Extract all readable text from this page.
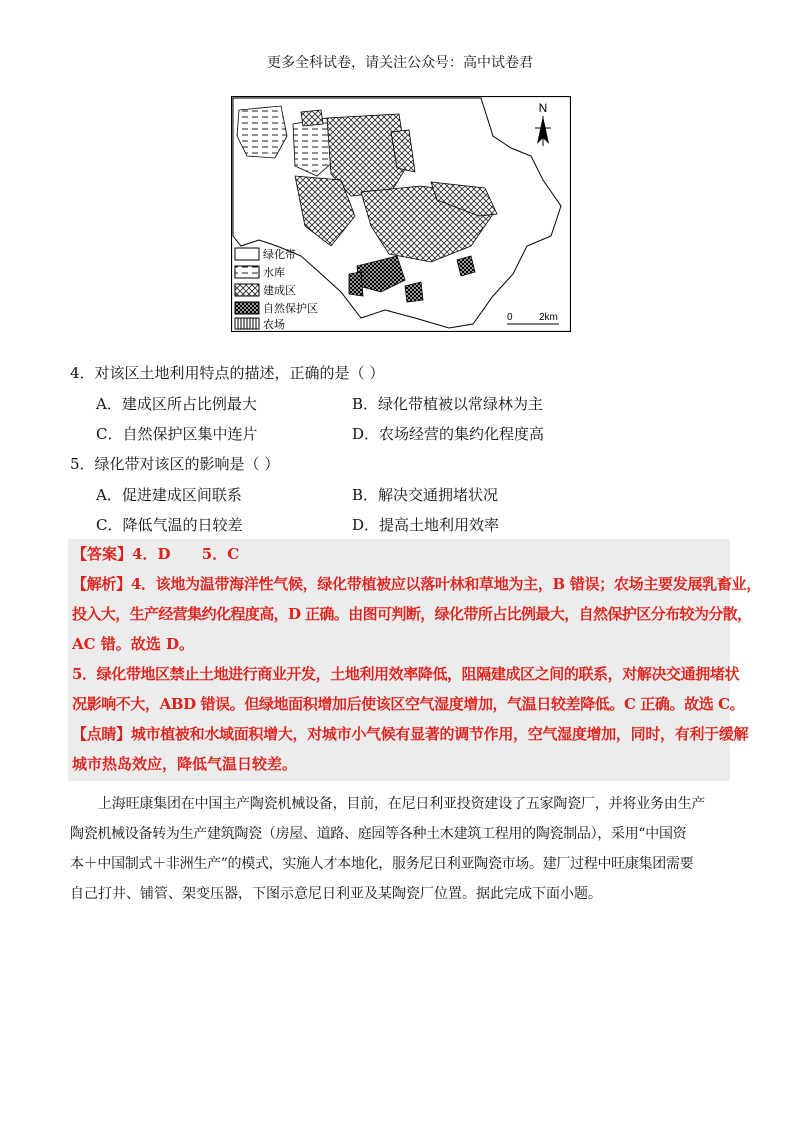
更多全科试卷，请关注公众号：高中试卷君
N
0	2km
绿化带
水库
建成区
自然保护区
农场
4．对该区土地利用特点的描述，正确的是（ ）
A．建成区所占比例最大	B．绿化带植被以常绿林为主
C．自然保护区集中连片	D．农场经营的集约化程度高
5．绿化带对该区的影响是（ ）
A．促进建成区间联系	B．解决交通拥堵状况
C．降低气温的日较差	D．提高土地利用效率
【答案】4．D      5．C
【解析】4．该地为温带海洋性气候，绿化带植被应以落叶林和草地为主，B 错误；农场主要发展乳畜业，
投入大，生产经营集约化程度高，D 正确。由图可判断，绿化带所占比例最大，自然保护区分布较为分散，
AC 错。故选 D。
5．绿化带地区禁止土地进行商业开发，土地利用效率降低，阻隔建成区之间的联系，对解决交通拥堵状
况影响不大，ABD 错误。但绿地面积增加后使该区空气湿度增加，气温日较差降低。C 正确。故选 C。
【点睛】城市植被和水域面积增大，对城市小气候有显著的调节作用，空气湿度增加，同时，有利于缓解
城市热岛效应，降低气温日较差。
上海旺康集团在中国主产陶瓷机械设备，目前，在尼日利亚投资建设了五家陶瓷厂，并将业务由生产
陶瓷机械设备转为生产建筑陶瓷（房屋、道路、庭园等各种土木建筑工程用的陶瓷制品），采用“中国资
本＋中国制式＋非洲生产”的模式，实施人才本地化，服务尼日利亚陶瓷市场。建厂过程中旺康集团需要
自己打井、铺管、架变压器，下图示意尼日利亚及某陶瓷厂位置。据此完成下面小题。
